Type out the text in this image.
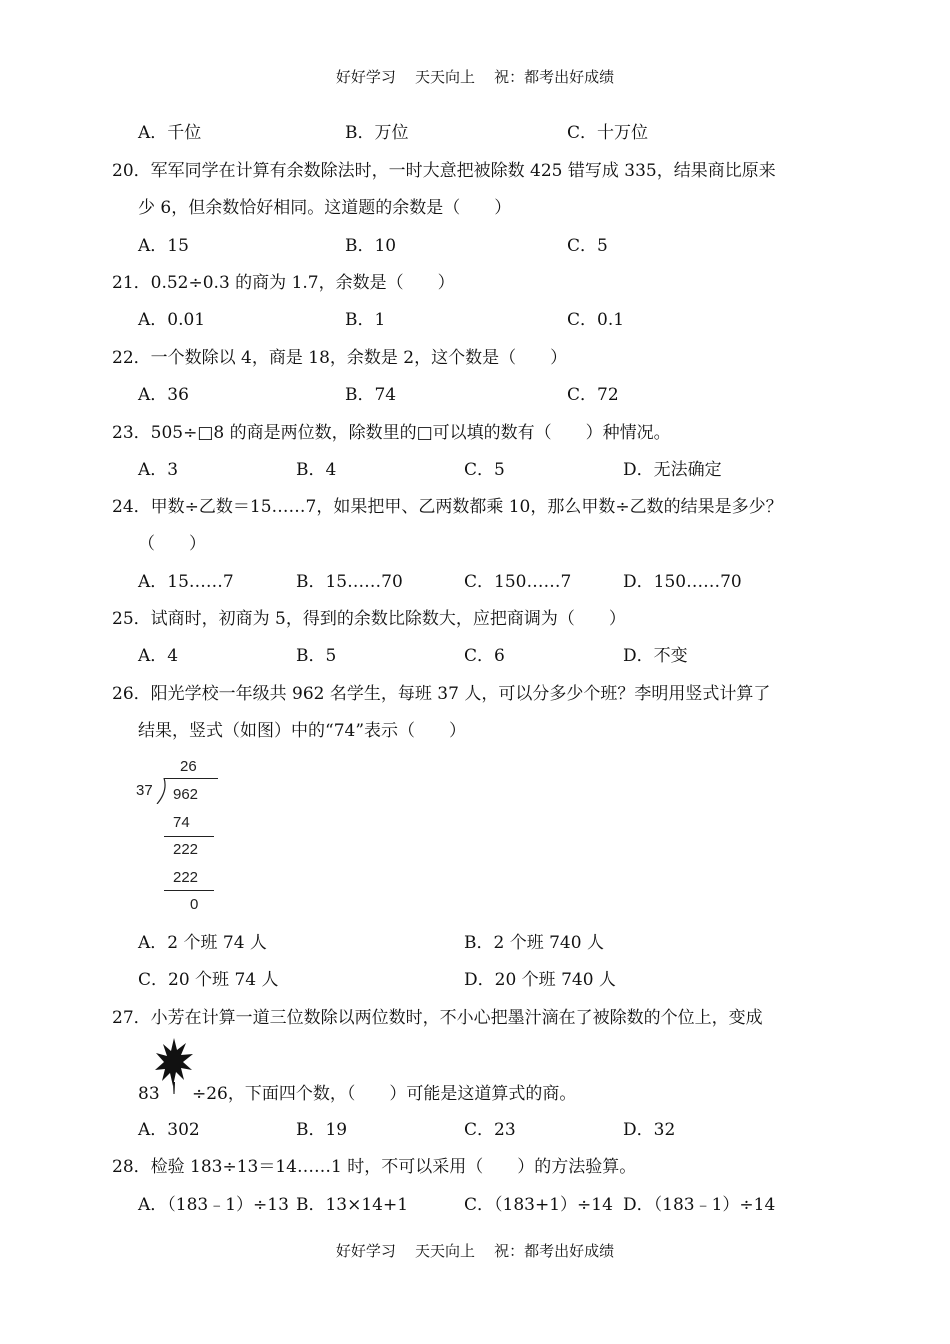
好好学习    天天向上    祝：都考出好成绩
A．千位	B．万位	C．十万位
20．军军同学在计算有余数除法时，一时大意把被除数 425 错写成 335，结果商比原来
少 6，但余数恰好相同。这道题的余数是（　　）
A．15	B．10	C．5
21．0.52÷0.3 的商为 1.7，余数是（　　）
A．0.01	B．1	C．0.1
22．一个数除以 4，商是 18，余数是 2，这个数是（　　）
A．36	B．74	C．72
23．505÷□8 的商是两位数，除数里的□可以填的数有（　　）种情况。
A．3	B．4	C．5	D．无法确定
24．甲数÷乙数＝15……7，如果把甲、乙两数都乘 10，那么甲数÷乙数的结果是多少？
（　　）
A．15……7	B．15……70	C．150……7	D．150……70
25．试商时，初商为 5，得到的余数比除数大，应把商调为（　　）
A．4	B．5	C．6	D．不变
26．阳光学校一年级共 962 名学生，每班 37 人，可以分多少个班？李明用竖式计算了
结果，竖式（如图）中的“74”表示（　　）
26
37 962
74
222
222
0
A．2 个班 74 人	B．2 个班 740 人
C．20 个班 74 人	D．20 个班 740 人
27．小芳在计算一道三位数除以两位数时，不小心把墨汁滴在了被除数的个位上，变成
83 ÷26，下面四个数，（　　）可能是这道算式的商。
A．302	B．19	C．23	D．32
28．检验 183÷13＝14……1 时，不可以采用（　　）的方法验算。
A．（183﹣1）÷13 B．13×14+1	C．（183+1）÷14 D．（183﹣1）÷14
好好学习    天天向上    祝：都考出好成绩
